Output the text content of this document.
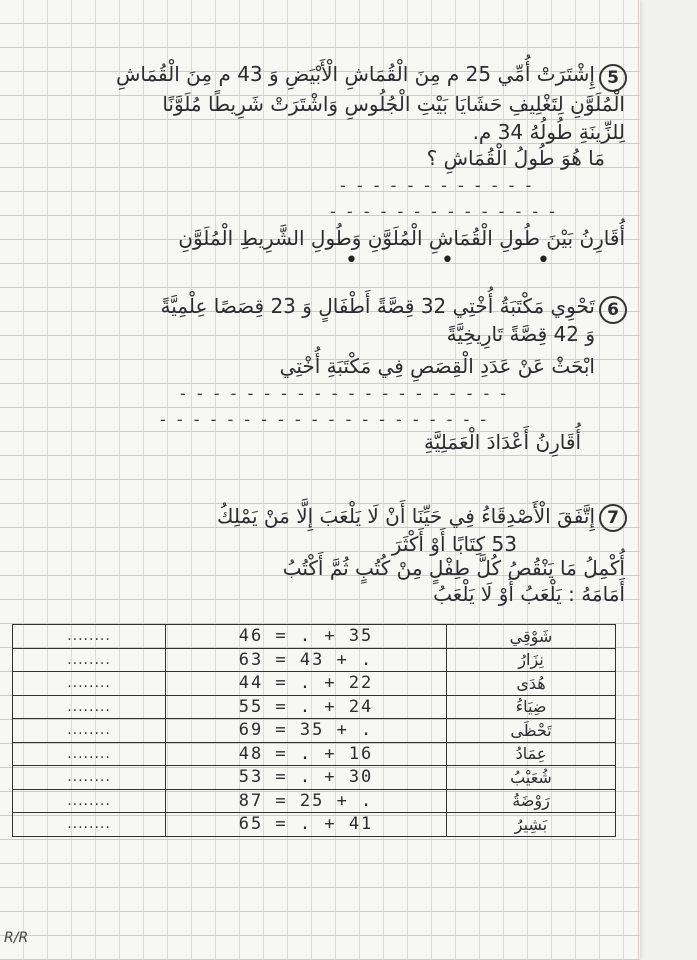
5
إِشْتَرَتْ أُمِّي 25 م مِنَ الْقُمَاشِ الْأَبْيَضِ وَ 43 م مِنَ الْقُمَاشِ
الْمُلَوَّنِ لِتَغْلِيفِ حَشَايَا بَيْتِ الْجُلُوسِ وَاشْتَرَتْ شَرِيطًا مُلَوَّنًا
لِلزِّينَةِ طُولُهُ 34 م.
مَا هُوَ طُولُ الْقُمَاشِ ؟
- - - - - - - - - - - -
- - - - - - - - - - - - - -
أُقَارِنُ بَيْنَ طُولِ الْقُمَاشِ الْمُلَوَّنِ وَطُولِ الشَّرِيطِ الْمُلَوَّنِ
• • •
6
تَحْوِي مَكْتَبَةُ أُخْتِي 32 قِصَّةً أَطْفَالٍ وَ 23 قِصَصًا عِلْمِيَّةً
وَ 42 قِصَّةً تَارِيخِيَّةً
ابْحَثْ عَنْ عَدَدِ الْقِصَصِ فِي مَكْتَبَةِ أُخْتِي
- - - - - - - - - - - - - - - - - - - -
- - - - - - - - - - - - - - - - - - - -
أُقَارِنُ أَعْدَادَ الْعَمَلِيَّةِ
7
إِتَّفَقَ الْأَصْدِقَاءُ فِي حَيِّنَا أَنْ لَا يَلْعَبَ إِلَّا مَنْ يَمْلِكُ
53 كِتَابًا أَوْ أَكْثَرَ
أُكْمِلُ مَا يَنْقُصُ كُلَّ طِفْلٍ مِنْ كُتُبٍ ثُمَّ أَكْتُبُ
أَمَامَهُ : يَلْعَبُ أَوْ لَا يَلْعَبُ
........	46 = . + 35	شَوْقِي
........	63 = 43 + .	نِزَارُ
........	44 = . + 22	هُدَى
........	55 = . + 24	ضِيَاءُ
........	69 = 35 + .	تَحْظَى
........	48 = . + 16	عِمَادُ
........	53 = . + 30	شُعَيْبُ
........	87 = 25 + .	رَوْضَةُ
........	65 = . + 41	بَشِيرُ
R/R
